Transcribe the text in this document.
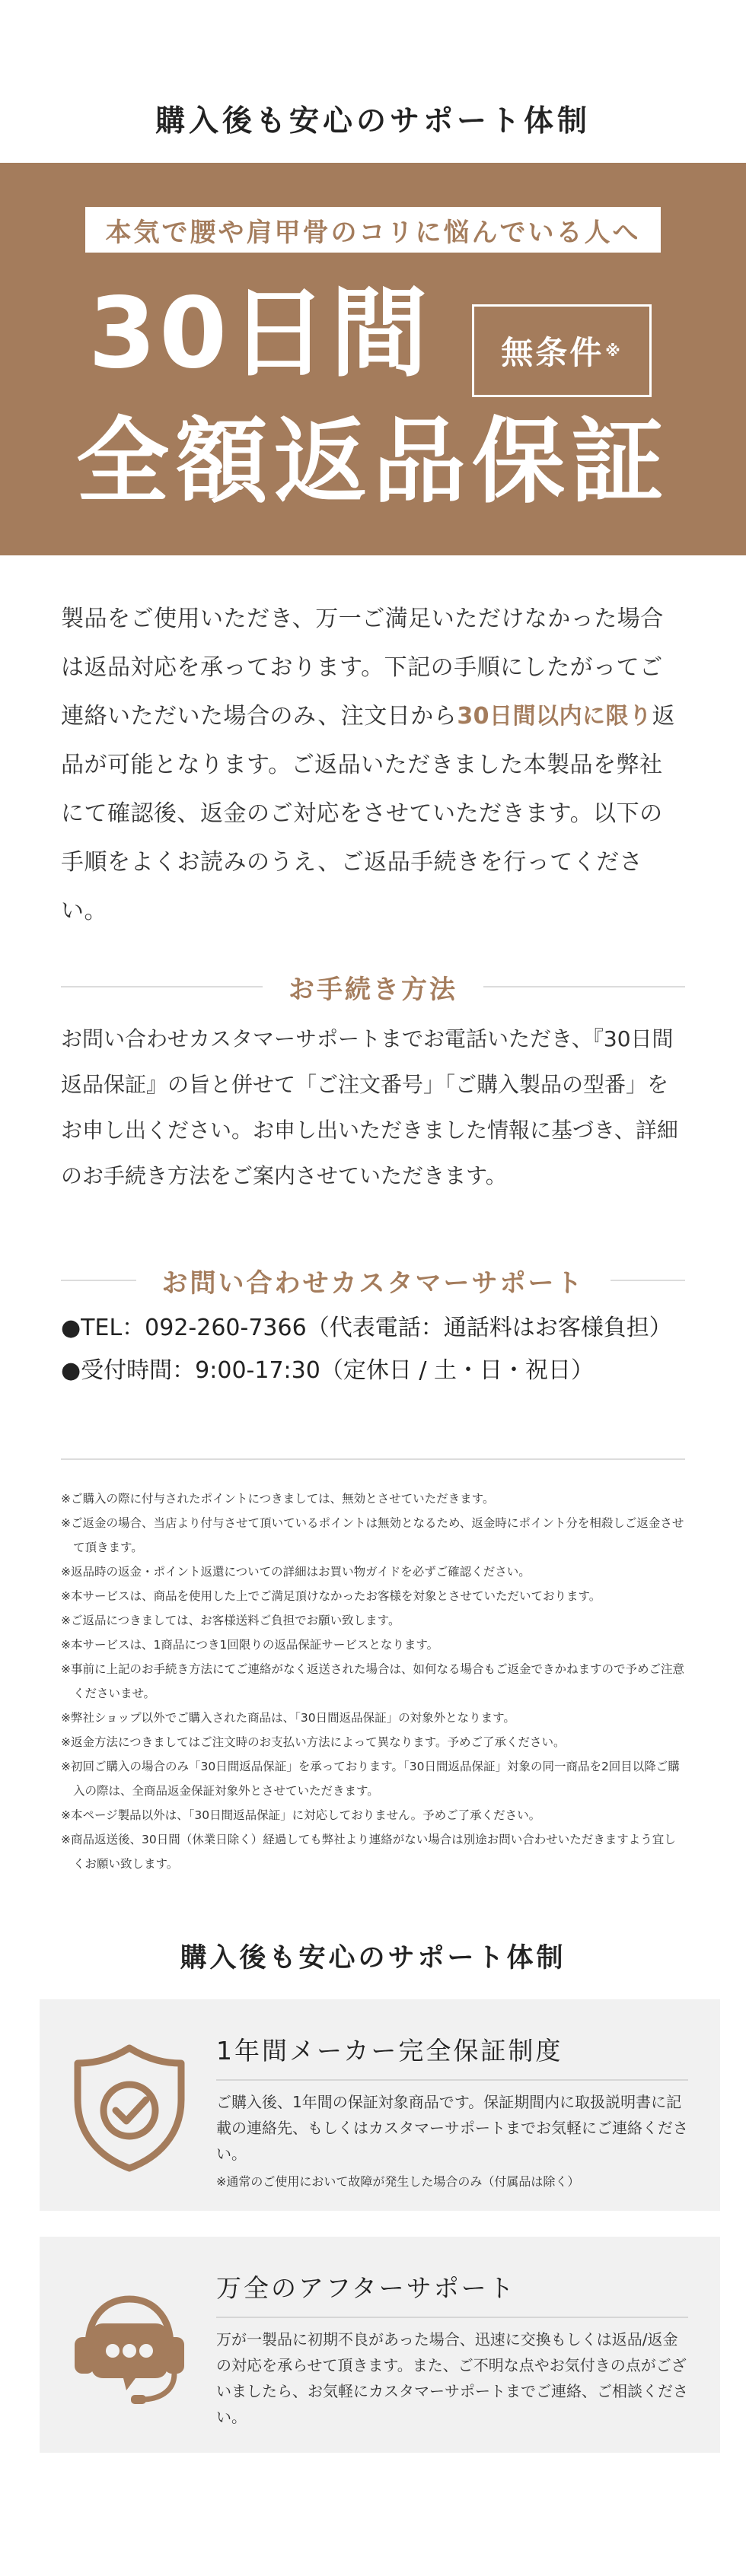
購入後も安心のサポート体制
本気で腰や肩甲骨のコリに悩んでいる人へ
30日間 無条件 ※
全額返品保証

製品をご使用いただき、万一ご満足いただけなかった場合は返品対応を承っております。下記の手順にしたがってご連絡いただいた場合のみ、注文日から30日間以内に限り返品が可能となります。ご返品いただきました本製品を弊社にて確認後、返金のご対応をさせていただきます。以下の手順をよくお読みのうえ、ご返品手続きを行ってください。

お手続き方法

お問い合わせカスタマーサポートまでお電話いただき、『30日間返品保証』の旨と併せて「ご注文番号」「ご購入製品の型番」をお申し出ください。お申し出いただきました情報に基づき、詳細のお手続き方法をご案内させていただきます。

お問い合わせカスタマーサポート

●TEL：092-260-7366（代表電話：通話料はお客様負担）

●受付時間：9:00-17:30（定休日 / 土・日・祝日）

※ご購入の際に付与されたポイントにつきましては、無効とさせていただきます。

※ご返金の場合、当店より付与させて頂いているポイントは無効となるため、返金時にポイント分を相殺しご返金させて頂きます。

※返品時の返金・ポイント返還についての詳細はお買い物ガイドを必ずご確認ください。

※本サービスは、商品を使用した上でご満足頂けなかったお客様を対象とさせていただいております。

※ご返品につきましては、お客様送料ご負担でお願い致します。

※本サービスは、1商品につき1回限りの返品保証サービスとなります。

※事前に上記のお手続き方法にてご連絡がなく返送された場合は、如何なる場合もご返金できかねますので予めご注意くださいませ。

※弊社ショップ以外でご購入された商品は、「30日間返品保証」の対象外となります。

※返金方法につきましてはご注文時のお支払い方法によって異なります。予めご了承ください。

※初回ご購入の場合のみ「30日間返品保証」を承っております。「30日間返品保証」対象の同一商品を2回目以降ご購入の際は、全商品返金保証対象外とさせていただきます。

※本ページ製品以外は、「30日間返品保証」に対応しておりません。予めご了承ください。

※商品返送後、30日間（休業日除く）経過しても弊社より連絡がない場合は別途お問い合わせいただきますよう宜しくお願い致します。

購入後も安心のサポート体制
1年間メーカー完全保証制度

ご購入後、1年間の保証対象商品です。保証期間内に取扱説明書に記載の連絡先、もしくはカスタマーサポートまでお気軽にご連絡ください。

※通常のご使用において故障が発生した場合のみ（付属品は除く）

万全のアフターサポート

万が一製品に初期不良があった場合、迅速に交換もしくは返品/返金の対応を承らせて頂きます。また、ご不明な点やお気付きの点がございましたら、お気軽にカスタマーサポートまでご連絡、ご相談ください。
